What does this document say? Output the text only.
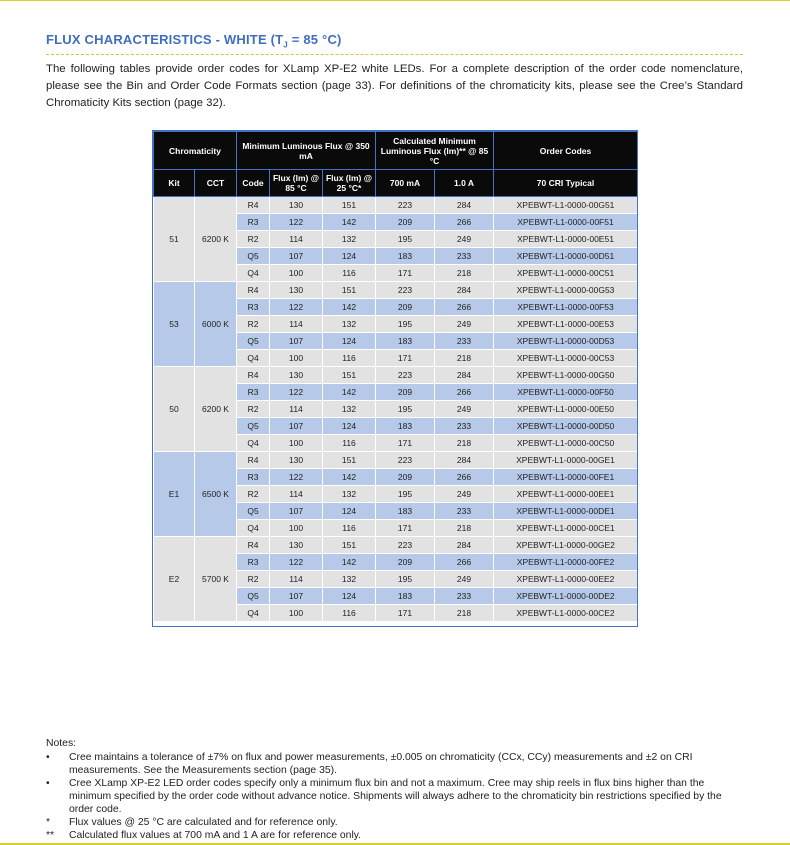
FLUX CHARACTERISTICS - WHITE ($T_J = 85$ °C)
The following tables provide order codes for XLamp XP-E2 white LEDs. For a complete description of the order code nomenclature, please see the Bin and Order Code Formats section (page 33). For definitions of the chromaticity kits, please see the Cree’s Standard Chromaticity Kits section (page 32).
Chromaticity		Minimum Luminous Flux @ 350 mA			Calculated Minimum Luminous Flux (lm)** @ 85 °C		Order Codes
Kit	CCT	Code	Flux (lm) @ 85 °C	Flux (lm) @ 25 °C*	700 mA	1.0 A	70 CRI Typical
51	6200 K	R4	130	151	223	284	XPEBWT-L1-0000-00G51
		R3	122	142	209	266	XPEBWT-L1-0000-00F51
		R2	114	132	195	249	XPEBWT-L1-0000-00E51
		Q5	107	124	183	233	XPEBWT-L1-0000-00D51
		Q4	100	116	171	218	XPEBWT-L1-0000-00C51
53	6000 K	R4	130	151	223	284	XPEBWT-L1-0000-00G53
		R3	122	142	209	266	XPEBWT-L1-0000-00F53
		R2	114	132	195	249	XPEBWT-L1-0000-00E53
		Q5	107	124	183	233	XPEBWT-L1-0000-00D53
		Q4	100	116	171	218	XPEBWT-L1-0000-00C53
50	6200 K	R4	130	151	223	284	XPEBWT-L1-0000-00G50
		R3	122	142	209	266	XPEBWT-L1-0000-00F50
		R2	114	132	195	249	XPEBWT-L1-0000-00E50
		Q5	107	124	183	233	XPEBWT-L1-0000-00D50
		Q4	100	116	171	218	XPEBWT-L1-0000-00C50
E1	6500 K	R4	130	151	223	284	XPEBWT-L1-0000-00GE1
		R3	122	142	209	266	XPEBWT-L1-0000-00FE1
		R2	114	132	195	249	XPEBWT-L1-0000-00EE1
		Q5	107	124	183	233	XPEBWT-L1-0000-00DE1
		Q4	100	116	171	218	XPEBWT-L1-0000-00CE1
E2	5700 K	R4	130	151	223	284	XPEBWT-L1-0000-00GE2
		R3	122	142	209	266	XPEBWT-L1-0000-00FE2
		R2	114	132	195	249	XPEBWT-L1-0000-00EE2
		Q5	107	124	183	233	XPEBWT-L1-0000-00DE2
		Q4	100	116	171	218	XPEBWT-L1-0000-00CE2
Notes:
•	Cree maintains a tolerance of ±7% on flux and power measurements, ±0.005 on chromaticity (CCx, CCy) measurements and ±2 on CRI measurements. See the Measurements section (page 35).
•	Cree XLamp XP-E2 LED order codes specify only a minimum flux bin and not a maximum. Cree may ship reels in flux bins higher than the minimum specified by the order code without advance notice. Shipments will always adhere to the chromaticity bin restrictions specified by the order code.
*	Flux values @ 25 °C are calculated and for reference only.
**	Calculated flux values at 700 mA and 1 A are for reference only.
